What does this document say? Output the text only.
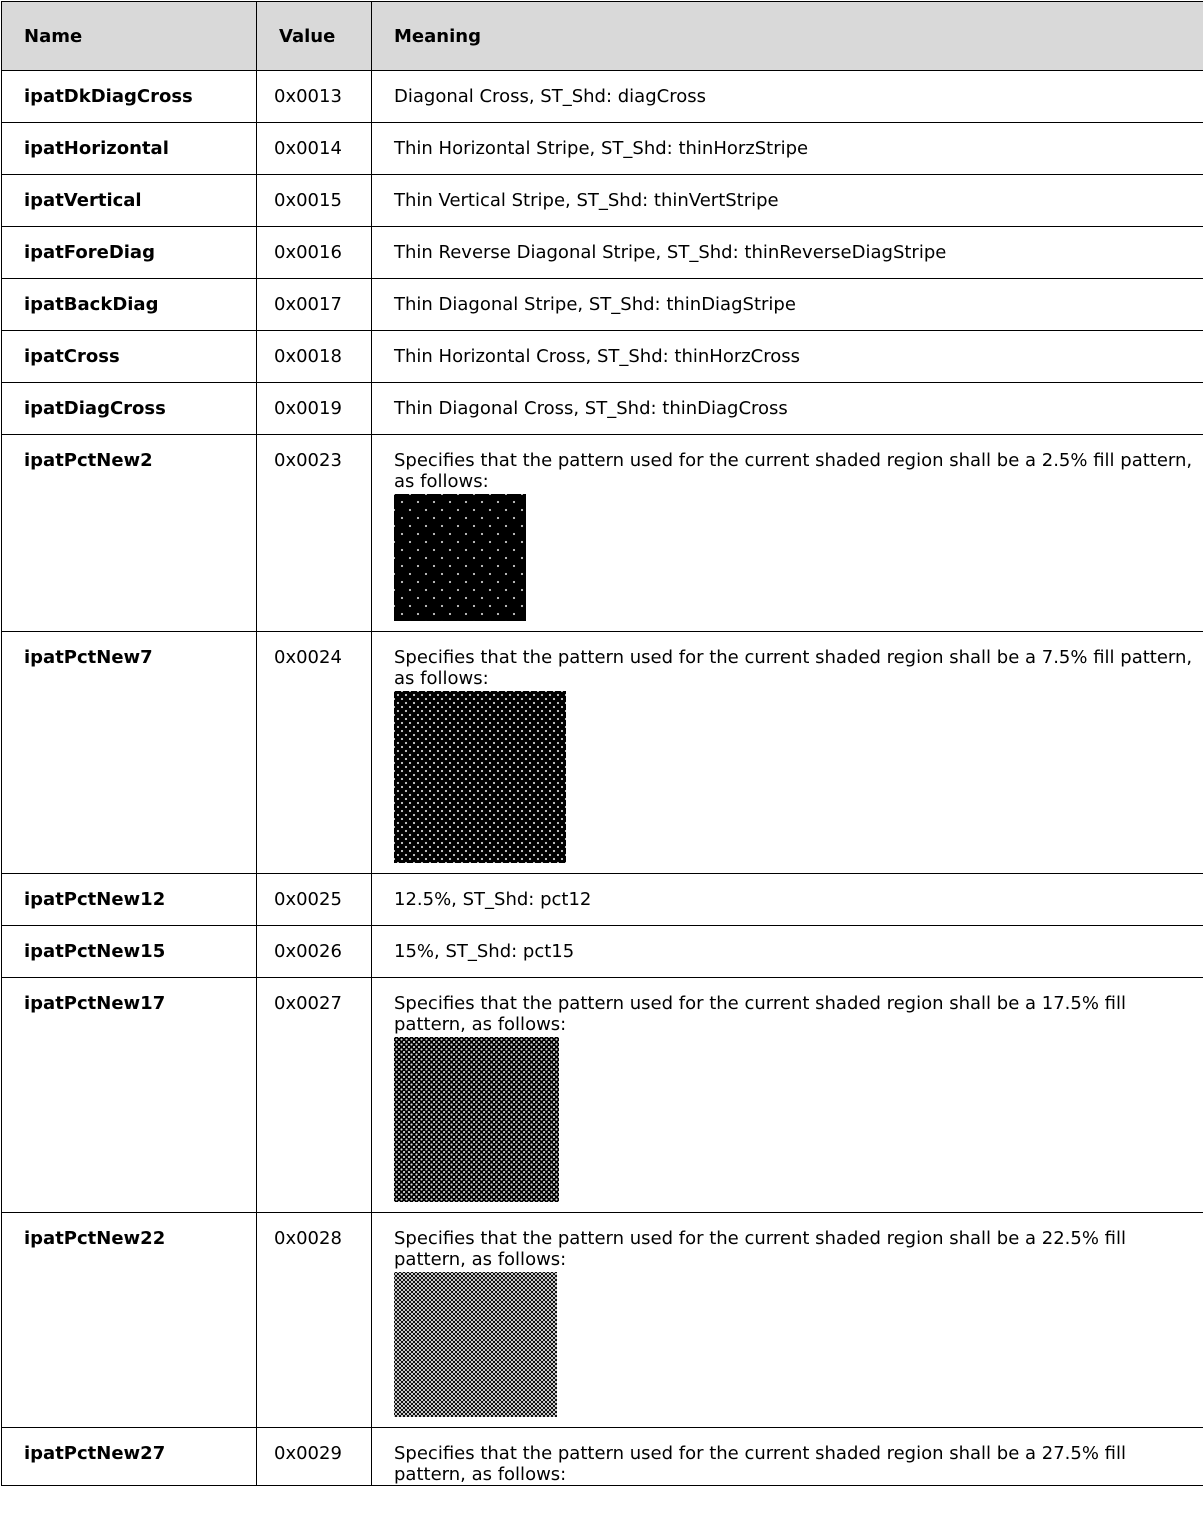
Name	Value	Meaning

ipatDkDiagCross	0x0013	Diagonal Cross, ST_Shd: diagCross

ipatHorizontal	0x0014	Thin Horizontal Stripe, ST_Shd: thinHorzStripe

ipatVertical	0x0015	Thin Vertical Stripe, ST_Shd: thinVertStripe

ipatForeDiag	0x0016	Thin Reverse Diagonal Stripe, ST_Shd: thinReverseDiagStripe

ipatBackDiag	0x0017	Thin Diagonal Stripe, ST_Shd: thinDiagStripe

ipatCross	0x0018	Thin Horizontal Cross, ST_Shd: thinHorzCross

ipatDiagCross	0x0019	Thin Diagonal Cross, ST_Shd: thinDiagCross

ipatPctNew2	0x0023	Specifies that the pattern used for the current shaded region shall be a 2.5% fill pattern, as follows:

ipatPctNew7	0x0024	Specifies that the pattern used for the current shaded region shall be a 7.5% fill pattern, as follows:

ipatPctNew12	0x0025	12.5%, ST_Shd: pct12

ipatPctNew15	0x0026	15%, ST_Shd: pct15

ipatPctNew17	0x0027	Specifies that the pattern used for the current shaded region shall be a 17.5% fill pattern, as follows:

ipatPctNew22	0x0028	Specifies that the pattern used for the current shaded region shall be a 22.5% fill pattern, as follows:

ipatPctNew27	0x0029	Specifies that the pattern used for the current shaded region shall be a 27.5% fill pattern, as follows:
